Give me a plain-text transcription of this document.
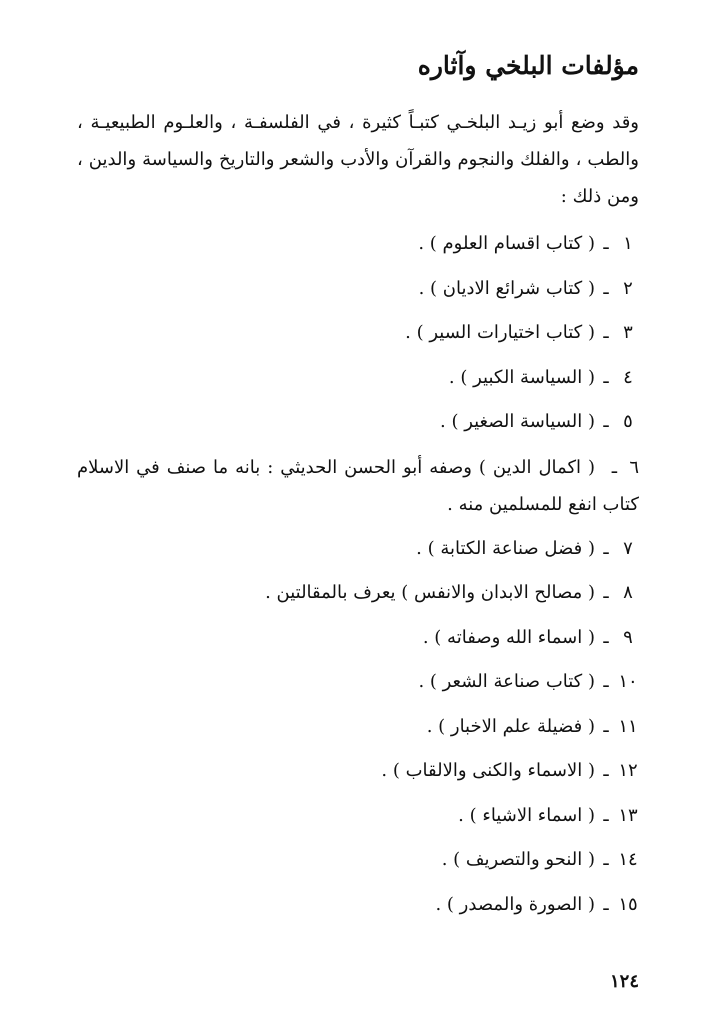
مؤلفات البلخي وآثاره
وقد وضع أبو زيـد البلخـي كتبـاً كثيرة ، في الفلسفـة ، والعلـوم الطبيعيـة ، والطب ، والفلك والنجوم والقرآن والأدب والشعر والتاريخ والسياسة والدين ، ومن ذلك :
١ـ( كتاب اقسام العلوم ) .
٢ـ( كتاب شرائع الاديان ) .
٣ـ( كتاب اختيارات السير ) .
٤ـ( السياسة الكبير ) .
٥ـ( السياسة الصغير ) .
٦ـ( اكمال الدين ) وصفه أبو الحسن الحديثي : بانه ما صنف في الاسلام كتاب انفع للمسلمين منه .
٧ـ( فضل صناعة الكتابة ) .
٨ـ( مصالح الابدان والانفس ) يعرف بالمقالتين .
٩ـ( اسماء الله وصفاته ) .
١٠ـ( كتاب صناعة الشعر ) .
١١ـ( فضيلة علم الاخبار ) .
١٢ـ( الاسماء والكنى والالقاب ) .
١٣ـ( اسماء الاشياء ) .
١٤ـ( النحو والتصريف ) .
١٥ـ( الصورة والمصدر ) .
١٢٤
